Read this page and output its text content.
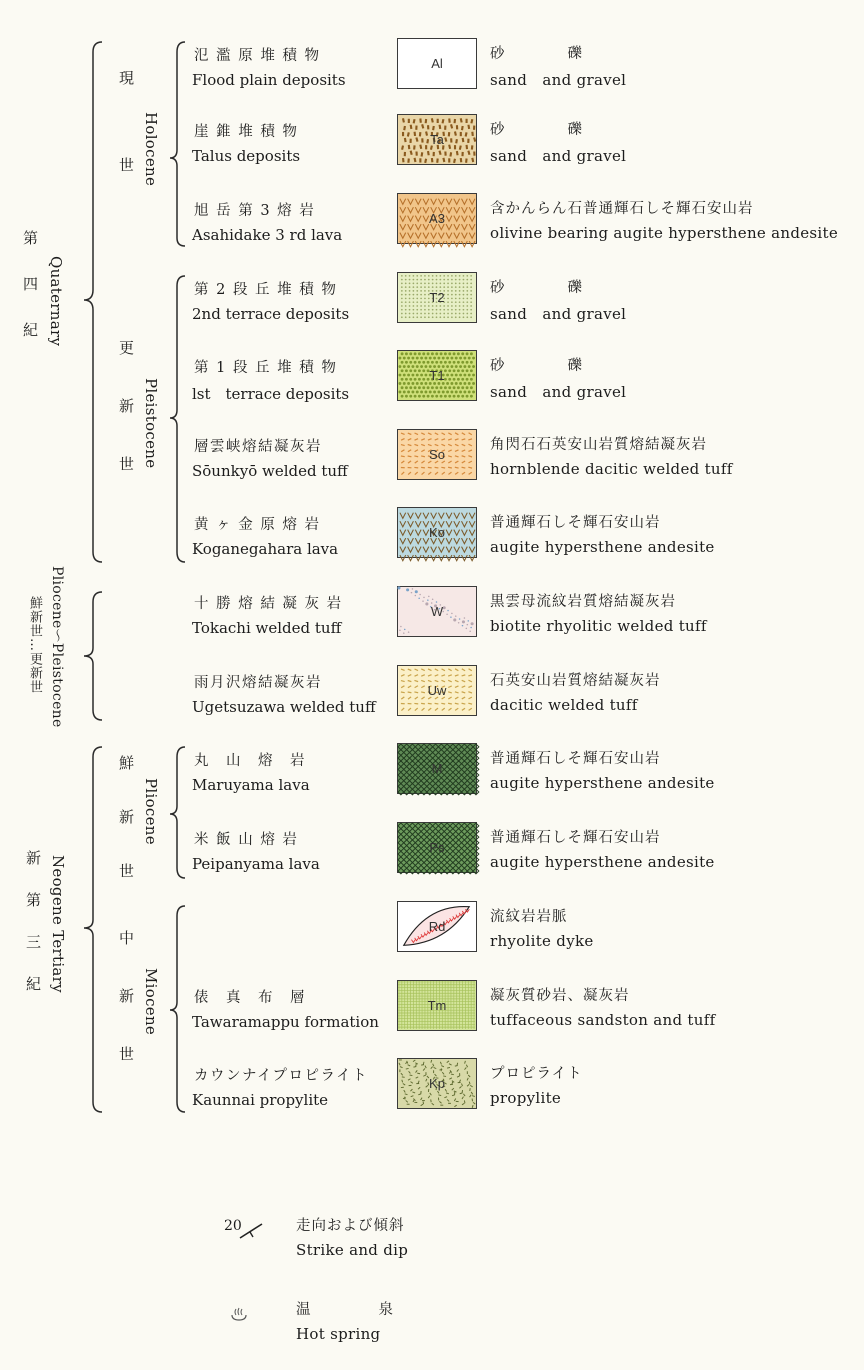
第　四　紀 Quaternary
鮮新世…更新世 Pliocene～Pleistocene
新　第　三　紀 Neogene Tertiary
現　　世 Holocene
更　新　世 Pleistocene
鮮　新　世 Pliocene
中　新　世 Miocene
氾 濫 原 堆 積 物
Flood plain deposits
Al
砂　　　　礫
sand　and gravel
崖 錐 堆 積 物
Talus deposits
Ta
砂　　　　礫
sand　and gravel
旭 岳 第 3 熔 岩
Asahidake 3 rd lava
A3
含かんらん石普通輝石しそ輝石安山岩
olivine bearing augite hypersthene andesite
第 2 段 丘 堆 積 物
2nd terrace deposits
T2
砂　　　　礫
sand　and gravel
第 1 段 丘 堆 積 物
lst　terrace deposits
T1
砂　　　　礫
sand　and gravel
層雲峡熔結凝灰岩
Sōunkyō welded tuff
So
角閃石石英安山岩質熔結凝灰岩
hornblende dacitic welded tuff
黄 ヶ 金 原 熔 岩
Koganegahara lava
Ko
普通輝石しそ輝石安山岩
augite hypersthene andesite
十 勝 熔 結 凝 灰 岩
Tokachi welded tuff
W
黒雲母流紋岩質熔結凝灰岩
biotite rhyolitic welded tuff
雨月沢熔結凝灰岩
Ugetsuzawa welded tuff
Uw
石英安山岩質熔結凝灰岩
dacitic welded tuff
丸　山　熔　岩
Maruyama lava
M
普通輝石しそ輝石安山岩
augite hypersthene andesite
米 飯 山 熔 岩
Peipanyama lava
Ps
普通輝石しそ輝石安山岩
augite hypersthene andesite
Rd
流紋岩岩脈
rhyolite dyke
俵　真　布　層
Tawaramappu formation
Tm
凝灰質砂岩、凝灰岩
tuffaceous sandston and tuff
カウンナイプロピライト
Kaunnai propylite
Kp
プロピライト
propylite
20	走向および傾斜
Strike and dip
温　　　　泉
Hot spring
